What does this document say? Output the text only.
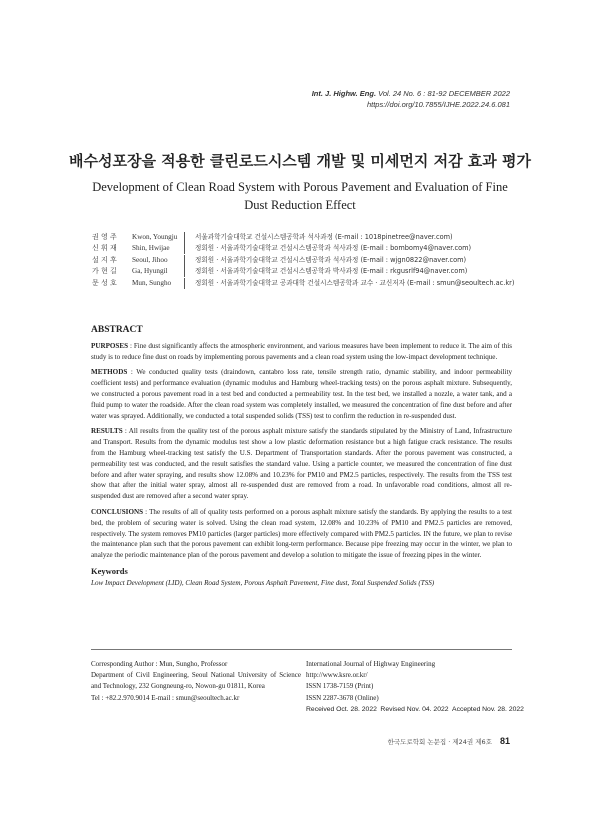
Int. J. Highw. Eng. Vol. 24 No. 6 : 81-92 DECEMBER 2022
https://doi.org/10.7855/IJHE.2022.24.6.081
배수성포장을 적용한 클린로드시스템 개발 및 미세먼지 저감 효과 평가
Development of Clean Road System with Porous Pavement and Evaluation of Fine Dust Reduction Effect
권 영 주	Kwon, Youngju	서울과학기술대학교 건설시스템공학과 석사과정 (E-mail : 1018pinetree@naver.com)
신 휘 재	Shin, Hwijae	정회원 · 서울과학기술대학교 건설시스템공학과 석사과정 (E-mail : bombomy4@naver.com)
설 지 후	Seoul, Jihoo	정회원 · 서울과학기술대학교 건설시스템공학과 석사과정 (E-mail : wjgn0822@naver.com)
가 현 길	Ga, Hyungil	정회원 · 서울과학기술대학교 건설시스템공학과 박사과정 (E-mail : rkgusrlf94@naver.com)
문 성 호	Mun, Sungho	정회원 · 서울과학기술대학교 공과대학 건설시스템공학과 교수 · 교신저자 (E-mail : smun@seoultech.ac.kr)
ABSTRACT

PURPOSES : Fine dust significantly affects the atmospheric environment, and various measures have been implement to reduce it. The aim of this study is to reduce fine dust on roads by implementing porous pavements and a clean road system using the low-impact development technique.

METHODS : We conducted quality tests (draindown, cantabro loss rate, tensile strength ratio, dynamic stability, and indoor permeability coefficient tests) and performance evaluation (dynamic modulus and Hamburg wheel-tracking tests) on the porous asphalt mixture. Subsequently, we constructed a porous pavement road in a test bed and conducted a permeability test. In the test bed, we installed a nozzle, a water tank, and a fluid pump to water the roadside. After the clean road system was completely installed, we measured the concentration of fine dust before and after water was sprayed. Additionally, we conducted a total suspended solids (TSS) test to confirm the reduction in re-suspended dust.

RESULTS : All results from the quality test of the porous asphalt mixture satisfy the standards stipulated by the Ministry of Land, Infrastructure and Transport. Results from the dynamic modulus test show a low plastic deformation resistance but a high fatigue crack resistance. The results from the Hamburg wheel-tracking test satisfy the U.S. Department of Transportation standards. After the porous pavement was constructed, a permeability test was conducted, and the result satisfies the standard value. Using a particle counter, we measured the concentration of fine dust before and after water spraying, and results show 12.08% and 10.23% for PM10 and PM2.5 particles, respectively. The results from the TSS test show that after the initial water spray, almost all re-suspended dust are removed from a road. In unfavorable road conditions, almost all re-suspended dust are removed after a second water spray.

CONCLUSIONS : The results of all of quality tests performed on a porous asphalt mixture satisfy the standards. By applying the results to a test bed, the problem of securing water is solved. Using the clean road system, 12.08% and 10.23% of PM10 and PM2.5 particles are removed, respectively. The system removes PM10 particles (larger particles) more effectively compared with PM2.5 particles. IN the future, we plan to revise the maintenance plan such that the porous pavement can exhibit long-term performance. Because pipe freezing may occur in the winter, we plan to analyze the periodic maintenance plan of the porous pavement and develop a solution to mitigate the issue of freezing pipes in the winter.

Keywords
Low Impact Development (LID), Clean Road System, Porous Asphalt Pavement, Fine dust, Total Suspended Solids (TSS)
Corresponding Author : Mun, Sungho, Professor
Department of Civil Engineering, Seoul National University of Science and Technology, 232 Gongneung-ro, Nowon-gu 01811, Korea
Tel : +82.2.970.9014 E-mail : smun@seoultech.ac.kr
International Journal of Highway Engineering
http://www.ksre.or.kr/
ISSN 1738-7159 (Print)
ISSN 2287-3678 (Online)
Received Oct. 28. 2022 Revised Nov. 04. 2022 Accepted Nov. 28. 2022
한국도로학회 논문집 · 제24권 제6호 81
